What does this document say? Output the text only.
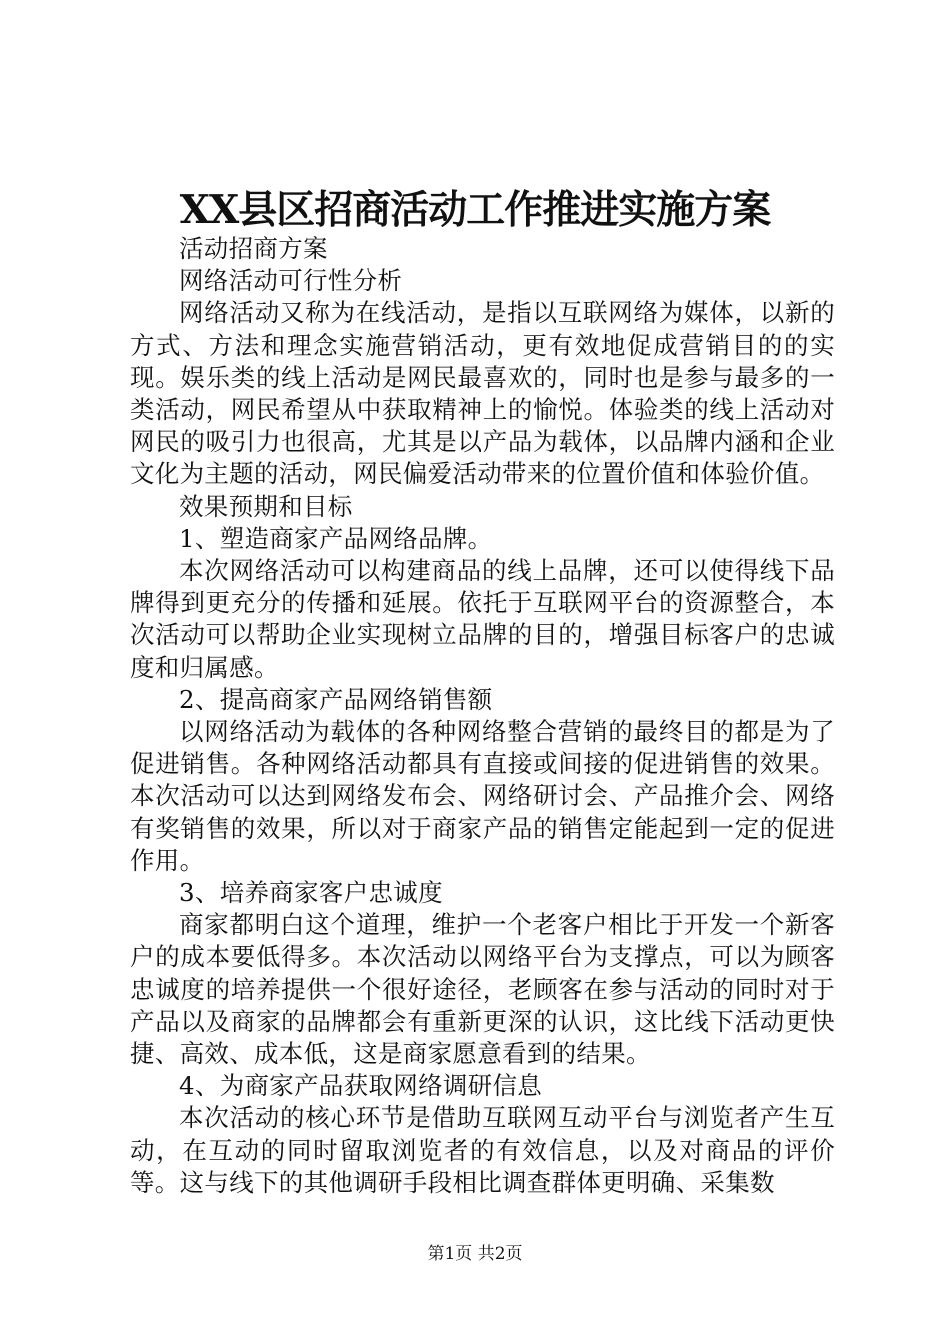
XX县区招商活动工作推进实施方案

活动招商方案

网络活动可行性分析

网络活动又称为在线活动，是指以互联网络为媒体，以新的方式、方法和理念实施营销活动，更有效地促成营销目的的实现。娱乐类的线上活动是网民最喜欢的，同时也是参与最多的一类活动，网民希望从中获取精神上的愉悦。体验类的线上活动对网民的吸引力也很高，尤其是以产品为载体，以品牌内涵和企业文化为主题的活动，网民偏爱活动带来的位置价值和体验价值。

效果预期和目标

1、塑造商家产品网络品牌。

本次网络活动可以构建商品的线上品牌，还可以使得线下品牌得到更充分的传播和延展。依托于互联网平台的资源整合，本次活动可以帮助企业实现树立品牌的目的，增强目标客户的忠诚度和归属感。

2、提高商家产品网络销售额

以网络活动为载体的各种网络整合营销的最终目的都是为了促进销售。各种网络活动都具有直接或间接的促进销售的效果。本次活动可以达到网络发布会、网络研讨会、产品推介会、网络有奖销售的效果，所以对于商家产品的销售定能起到一定的促进作用。

3、培养商家客户忠诚度

商家都明白这个道理，维护一个老客户相比于开发一个新客户的成本要低得多。本次活动以网络平台为支撑点，可以为顾客忠诚度的培养提供一个很好途径，老顾客在参与活动的同时对于产品以及商家的品牌都会有重新更深的认识，这比线下活动更快捷、高效、成本低，这是商家愿意看到的结果。

4、为商家产品获取网络调研信息

本次活动的核心环节是借助互联网互动平台与浏览者产生互动，在互动的同时留取浏览者的有效信息，以及对商品的评价等。这与线下的其他调研手段相比调查群体更明确、采集数

第1页 共2页
